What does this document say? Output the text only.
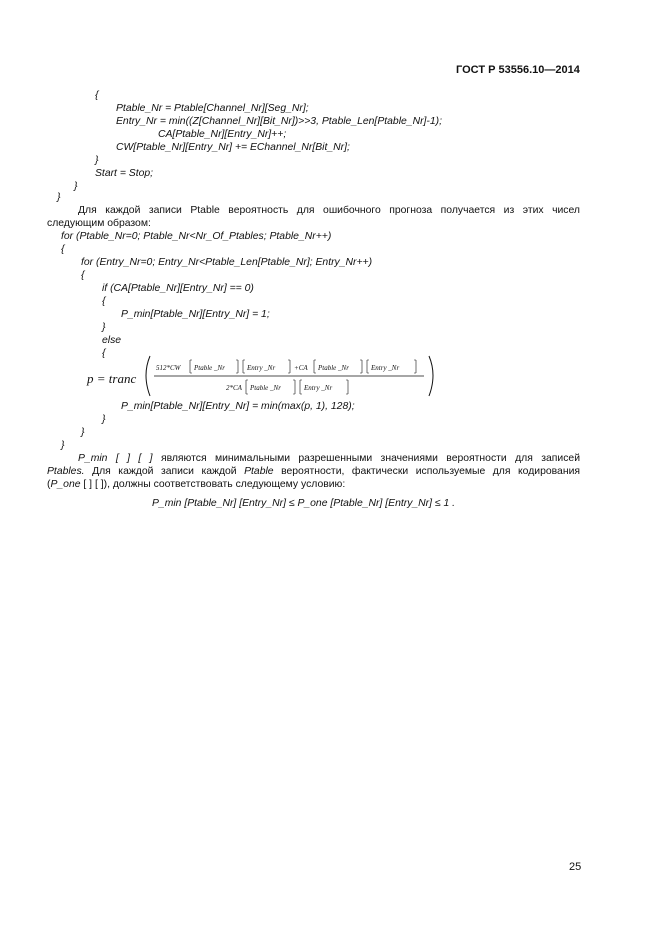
ГОСТ Р 53556.10—2014
{
Ptable_Nr = Ptable[Channel_Nr][Seg_Nr];
Entry_Nr = min((Z[Channel_Nr][Bit_Nr])>>3, Ptable_Len[Ptable_Nr]-1);
CA[Ptable_Nr][Entry_Nr]++;
CW[Ptable_Nr][Entry_Nr] += EChannel_Nr[Bit_Nr];
}
Start = Stop;
}
}
Для каждой записи Ptable вероятность для ошибочного прогноза получается из этих чисел
следующим образом:
for (Ptable_Nr=0; Ptable_Nr<Nr_Of_Ptables; Ptable_Nr++)
{
for (Entry_Nr=0; Entry_Nr<Ptable_Len[Ptable_Nr]; Entry_Nr++)
{
if (CA[Ptable_Nr][Entry_Nr] == 0)
{
P_min[Ptable_Nr][Entry_Nr] = 1;
}
else
{
p = tranc
512*CW Ptable _Nr	Entry _Nr	+CA Ptable _Nr	Entry _Nr
2*CA Ptable _Nr	Entry _Nr
P_min[Ptable_Nr][Entry_Nr] = min(max(p, 1), 128);
}
}
}
P_min [ ] [ ] являются минимальными разрешенными значениями вероятности для записей
Ptables. Для каждой записи каждой Ptable вероятности, фактически используемые для кодирования
(P_one [ ] [ ]), должны соответствовать следующему условию:
P_min [Ptable_Nr] [Entry_Nr] ≤ P_one [Ptable_Nr] [Entry_Nr] ≤ 1 .
25
